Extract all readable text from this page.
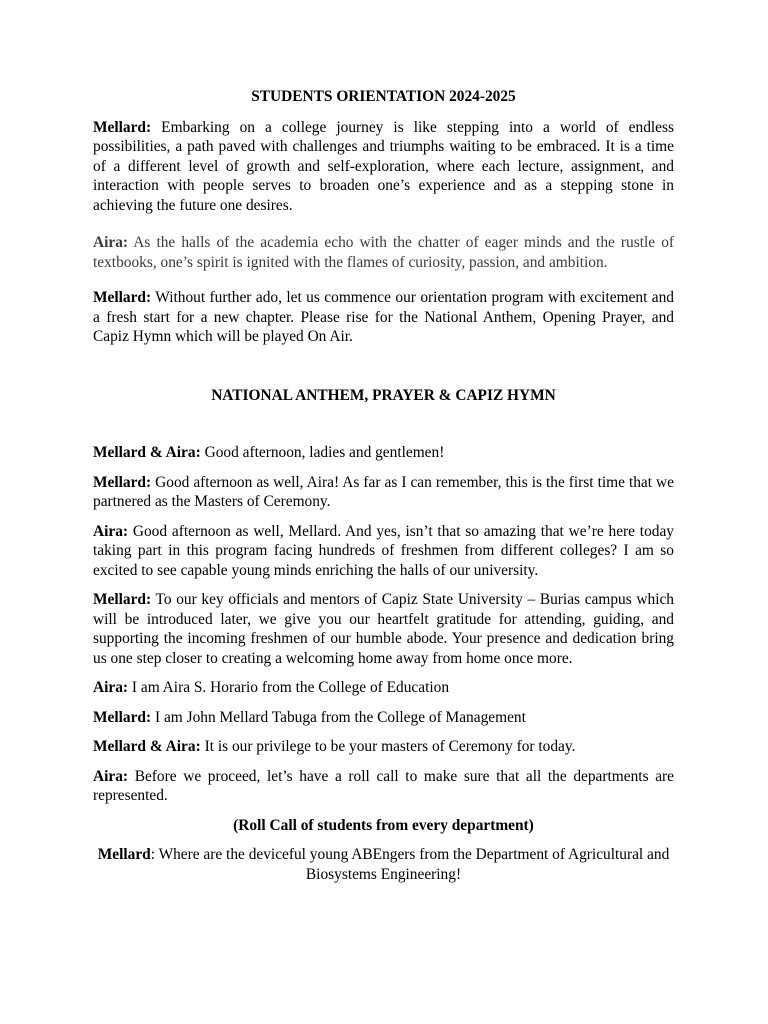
STUDENTS ORIENTATION 2024-2025

Mellard: Embarking on a college journey is like stepping into a world of endless possibilities, a path paved with challenges and triumphs waiting to be embraced. It is a time of a different level of growth and self-exploration, where each lecture, assignment, and interaction with people serves to broaden one’s experience and as a stepping stone in achieving the future one desires.

Aira: As the halls of the academia echo with the chatter of eager minds and the rustle of textbooks, one’s spirit is ignited with the flames of curiosity, passion, and ambition.

Mellard: Without further ado, let us commence our orientation program with excitement and a fresh start for a new chapter. Please rise for the National Anthem, Opening Prayer, and Capiz Hymn which will be played On Air.

NATIONAL ANTHEM, PRAYER & CAPIZ HYMN

Mellard & Aira: Good afternoon, ladies and gentlemen!

Mellard: Good afternoon as well, Aira! As far as I can remember, this is the first time that we partnered as the Masters of Ceremony.

Aira: Good afternoon as well, Mellard. And yes, isn’t that so amazing that we’re here today taking part in this program facing hundreds of freshmen from different colleges? I am so excited to see capable young minds enriching the halls of our university.

Mellard: To our key officials and mentors of Capiz State University – Burias campus which will be introduced later, we give you our heartfelt gratitude for attending, guiding, and supporting the incoming freshmen of our humble abode. Your presence and dedication bring us one step closer to creating a welcoming home away from home once more.

Aira: I am Aira S. Horario from the College of Education

Mellard: I am John Mellard Tabuga from the College of Management

Mellard & Aira: It is our privilege to be your masters of Ceremony for today.

Aira: Before we proceed, let’s have a roll call to make sure that all the departments are represented.

(Roll Call of students from every department)

Mellard: Where are the deviceful young ABEngers from the Department of Agricultural and Biosystems Engineering!
